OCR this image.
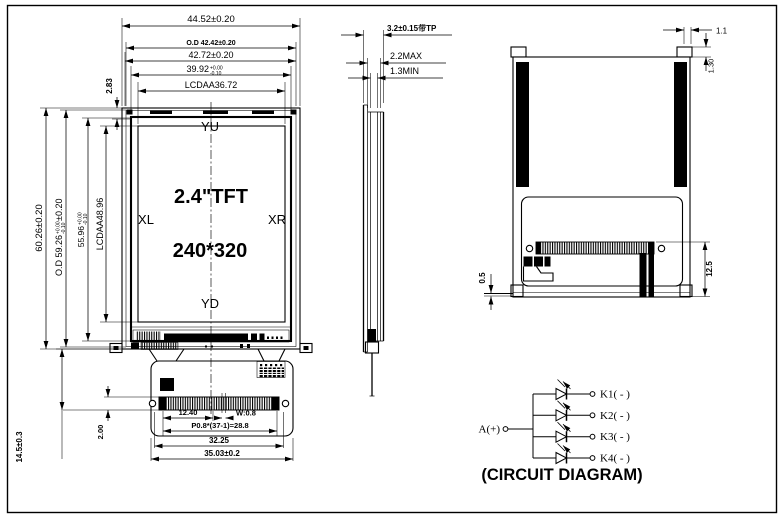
YU
XL	XR
YD
2.4"TFT
240*320
44.52±0.20
O.D 42.42±0.20
42.72±0.20
39.92 +0.00
-0.10
LCDAA36.72
2.83
60.26±0.20
O.D 59.26
+0.00 -0.10
±0.20
55.96
+0.00 -0.10 LCDAA48.96
12.40	W:0.8
P0.8*(37-1)=28.8
32.25
35.03±0.2
2.00
14.5±0.3
3.2±0.15带TP
2.2MAX
1.3MIN
1.1
1.30
12.5
0.5
A(+)
K1( - )
K2( - )
K3( - )
K4( - )
(CIRCUIT DIAGRAM)
